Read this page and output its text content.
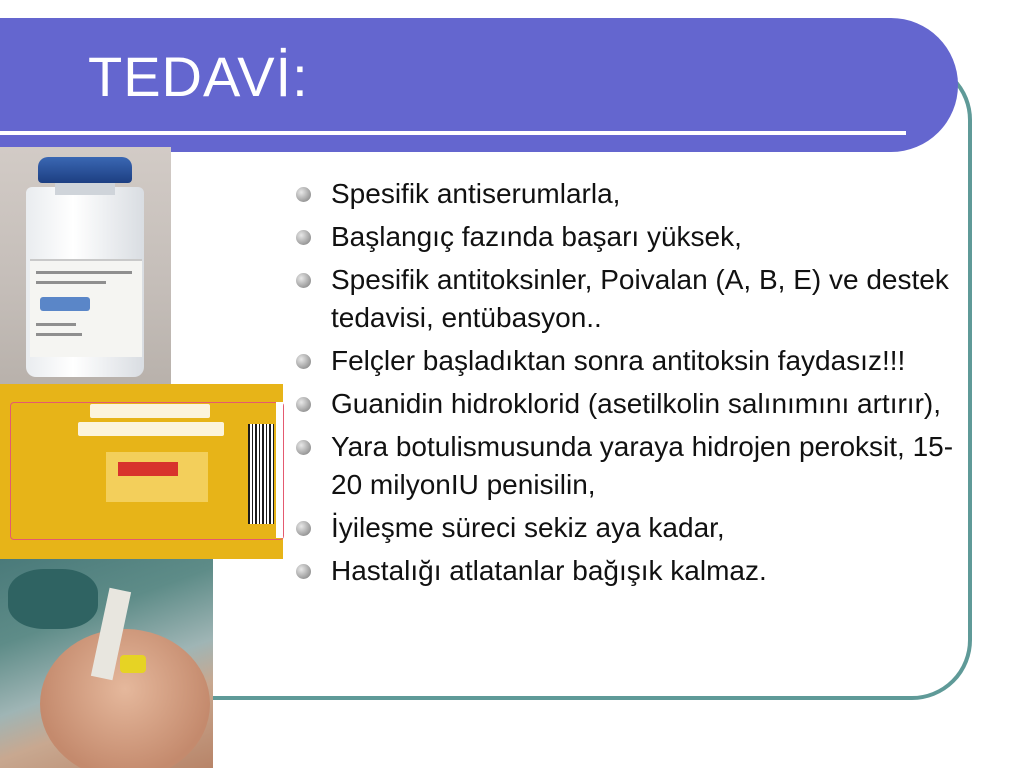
TEDAVİ:
Spesifik antiserumlarla,
Başlangıç fazında başarı yüksek,
Spesifik antitoksinler, Poivalan (A, B, E) ve destek tedavisi, entübasyon..
Felçler başladıktan sonra antitoksin faydasız!!!
Guanidin hidroklorid (asetilkolin salınımını artırır),
Yara botulismusunda yaraya hidrojen peroksit, 15-20 milyonIU penisilin,
İyileşme süreci sekiz aya kadar,
Hastalığı atlatanlar bağışık kalmaz.
